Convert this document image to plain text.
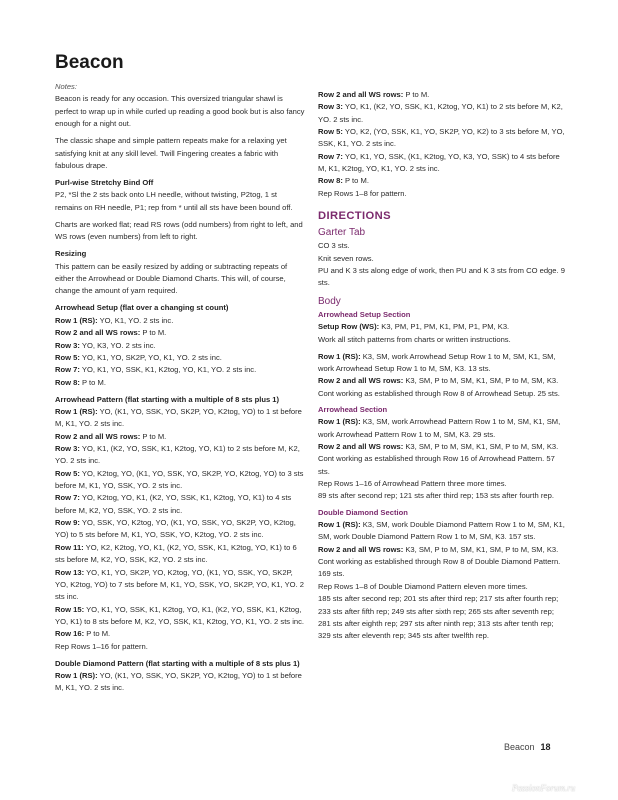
Beacon

Notes:

Beacon is ready for any occasion. This oversized triangular shawl is perfect to wrap up in while curled up reading a good book but is also fancy enough for a night out.

The classic shape and simple pattern repeats make for a relaxing yet satisfying knit at any skill level. Twill Fingering creates a fabric with fabulous drape.

Purl-wise Stretchy Bind Off

P2, *Sl the 2 sts back onto LH needle, without twisting, P2tog, 1 st remains on RH needle, P1; rep from * until all sts have been bound off.

Charts are worked flat; read RS rows (odd numbers) from right to left, and WS rows (even numbers) from left to right.

Resizing

This pattern can be easily resized by adding or subtracting repeats of either the Arrowhead or Double Diamond Charts. This will, of course, change the amount of yarn required.

Arrowhead Setup (flat over a changing st count)

Row 1 (RS): YO, K1, YO. 2 sts inc.

Row 2 and all WS rows: P to M.

Row 3: YO, K3, YO. 2 sts inc.

Row 5: YO, K1, YO, SK2P, YO, K1, YO. 2 sts inc.

Row 7: YO, K1, YO, SSK, K1, K2tog, YO, K1, YO. 2 sts inc.

Row 8: P to M.

Arrowhead Pattern (flat starting with a multiple of 8 sts plus 1)

Row 1 (RS): YO, (K1, YO, SSK, YO, SK2P, YO, K2tog, YO) to 1 st before M, K1, YO. 2 sts inc.

Row 2 and all WS rows: P to M.

Row 3: YO, K1, (K2, YO, SSK, K1, K2tog, YO, K1) to 2 sts before M, K2, YO. 2 sts inc.

Row 5: YO, K2tog, YO, (K1, YO, SSK, YO, SK2P, YO, K2tog, YO) to 3 sts before M, K1, YO, SSK, YO. 2 sts inc.

Row 7: YO, K2tog, YO, K1, (K2, YO, SSK, K1, K2tog, YO, K1) to 4 sts before M, K2, YO, SSK, YO. 2 sts inc.

Row 9: YO, SSK, YO, K2tog, YO, (K1, YO, SSK, YO, SK2P, YO, K2tog, YO) to 5 sts before M, K1, YO, SSK, YO, K2tog, YO. 2 sts inc.

Row 11: YO, K2, K2tog, YO, K1, (K2, YO, SSK, K1, K2tog, YO, K1) to 6 sts before M, K2, YO, SSK, K2, YO. 2 sts inc.

Row 13: YO, K1, YO, SK2P, YO, K2tog, YO, (K1, YO, SSK, YO, SK2P, YO, K2tog, YO) to 7 sts before M, K1, YO, SSK, YO, SK2P, YO, K1, YO. 2 sts inc.

Row 15: YO, K1, YO, SSK, K1, K2tog, YO, K1, (K2, YO, SSK, K1, K2tog, YO, K1) to 8 sts before M, K2, YO, SSK, K1, K2tog, YO, K1, YO. 2 sts inc.

Row 16: P to M.

Rep Rows 1–16 for pattern.

Double Diamond Pattern (flat starting with a multiple of 8 sts plus 1)

Row 1 (RS): YO, (K1, YO, SSK, YO, SK2P, YO, K2tog, YO) to 1 st before M, K1, YO. 2 sts inc.

Row 2 and all WS rows: P to M.

Row 3: YO, K1, (K2, YO, SSK, K1, K2tog, YO, K1) to 2 sts before M, K2, YO. 2 sts inc.

Row 5: YO, K2, (YO, SSK, K1, YO, SK2P, YO, K2) to 3 sts before M, YO, SSK, K1, YO. 2 sts inc.

Row 7: YO, K1, YO, SSK, (K1, K2tog, YO, K3, YO, SSK) to 4 sts before M, K1, K2tog, YO, K1, YO. 2 sts inc.

Row 8: P to M.

Rep Rows 1–8 for pattern.

DIRECTIONS

Garter Tab

CO 3 sts.

Knit seven rows.

PU and K 3 sts along edge of work, then PU and K 3 sts from CO edge. 9 sts.

Body

Arrowhead Setup Section

Setup Row (WS): K3, PM, P1, PM, K1, PM, P1, PM, K3.

Work all stitch patterns from charts or written instructions.

Row 1 (RS): K3, SM, work Arrowhead Setup Row 1 to M, SM, K1, SM, work Arrowhead Setup Row 1 to M, SM, K3. 13 sts.

Row 2 and all WS rows: K3, SM, P to M, SM, K1, SM, P to M, SM, K3.

Cont working as established through Row 8 of Arrowhead Setup. 25 sts.

Arrowhead Section

Row 1 (RS): K3, SM, work Arrowhead Pattern Row 1 to M, SM, K1, SM, work Arrowhead Pattern Row 1 to M, SM, K3. 29 sts.

Row 2 and all WS rows: K3, SM, P to M, SM, K1, SM, P to M, SM, K3.

Cont working as established through Row 16 of Arrowhead Pattern. 57 sts.

Rep Rows 1–16 of Arrowhead Pattern three more times.

89 sts after second rep; 121 sts after third rep; 153 sts after fourth rep.

Double Diamond Section

Row 1 (RS): K3, SM, work Double Diamond Pattern Row 1 to M, SM, K1, SM, work Double Diamond Pattern Row 1 to M, SM, K3. 157 sts.

Row 2 and all WS rows: K3, SM, P to M, SM, K1, SM, P to M, SM, K3.

Cont working as established through Row 8 of Double Diamond Pattern. 169 sts.

Rep Rows 1–8 of Double Diamond Pattern eleven more times.

185 sts after second rep; 201 sts after third rep; 217 sts after fourth rep; 233 sts after fifth rep; 249 sts after sixth rep; 265 sts after seventh rep; 281 sts after eighth rep; 297 sts after ninth rep; 313 sts after tenth rep; 329 sts after eleventh rep; 345 sts after twelfth rep.

Beacon 18
PassionForum.ru
